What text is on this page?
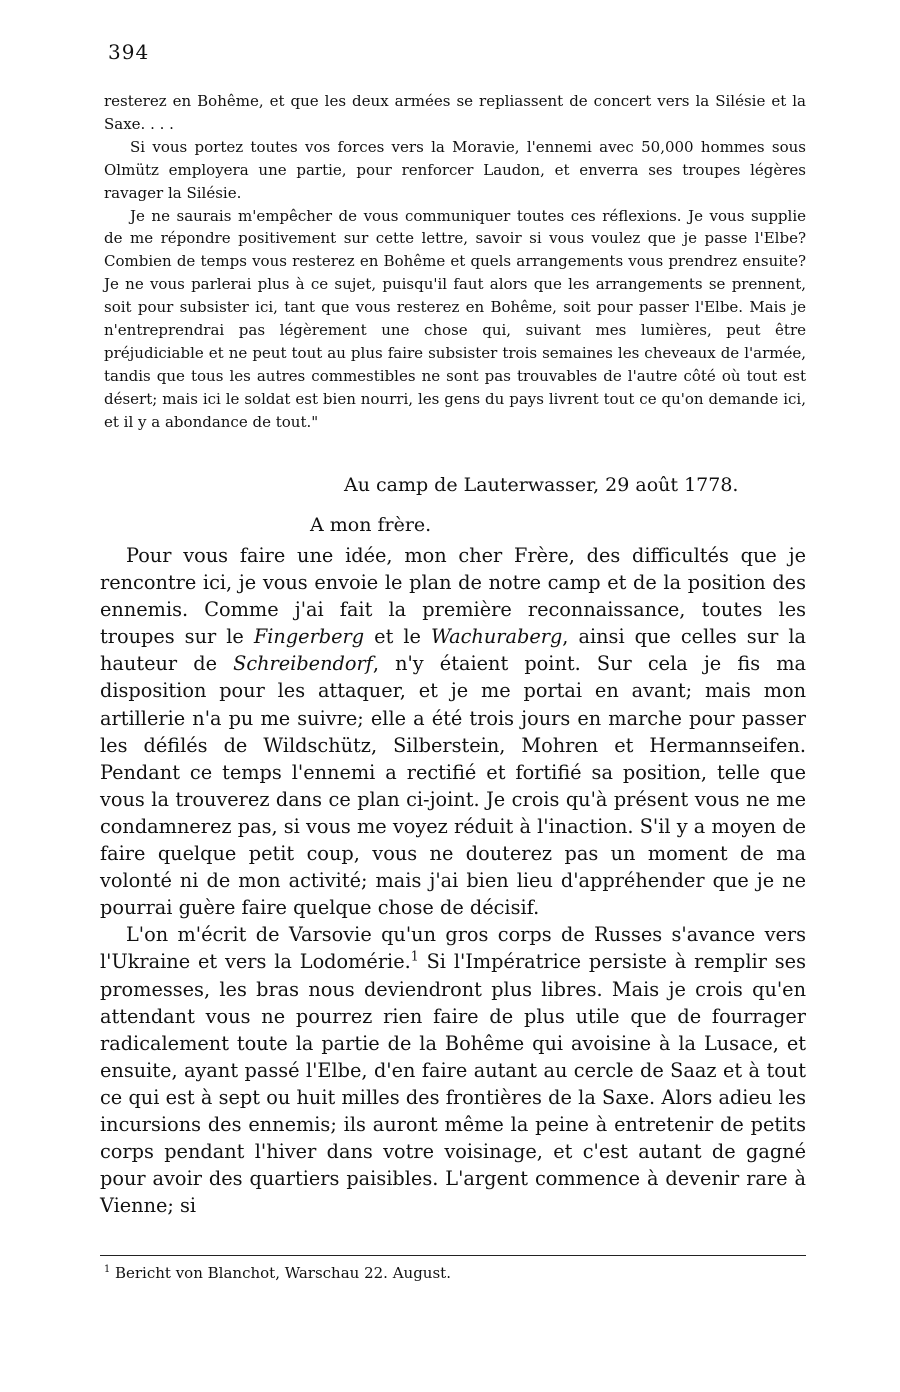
394

resterez en Bohême, et que les deux armées se repliassent de concert vers la Silésie et la Saxe. . . .

Si vous portez toutes vos forces vers la Moravie, l'ennemi avec 50,000 hommes sous Olmütz employera une partie, pour renforcer Laudon, et enverra ses troupes légères ravager la Silésie.

Je ne saurais m'empêcher de vous communiquer toutes ces réflexions. Je vous supplie de me répondre positivement sur cette lettre, savoir si vous voulez que je passe l'Elbe? Combien de temps vous resterez en Bohême et quels arrangements vous prendrez ensuite? Je ne vous parlerai plus à ce sujet, puisqu'il faut alors que les arrangements se prennent, soit pour subsister ici, tant que vous resterez en Bohême, soit pour passer l'Elbe. Mais je n'entreprendrai pas légèrement une chose qui, suivant mes lumières, peut être préjudiciable et ne peut tout au plus faire subsister trois semaines les cheveaux de l'armée, tandis que tous les autres commestibles ne sont pas trouvables de l'autre côté où tout est désert; mais ici le soldat est bien nourri, les gens du pays livrent tout ce qu'on demande ici, et il y a abondance de tout."

Au camp de Lauterwasser, 29 août 1778.
A mon frère.

Pour vous faire une idée, mon cher Frère, des difficultés que je rencontre ici, je vous envoie le plan de notre camp et de la position des ennemis. Comme j'ai fait la première reconnaissance, toutes les troupes sur le Fingerberg et le Wachuraberg, ainsi que celles sur la hauteur de Schreibendorf, n'y étaient point. Sur cela je fis ma disposition pour les attaquer, et je me portai en avant; mais mon artillerie n'a pu me suivre; elle a été trois jours en marche pour passer les défilés de Wildschütz, Silberstein, Mohren et Hermannseifen. Pendant ce temps l'ennemi a rectifié et fortifié sa position, telle que vous la trouverez dans ce plan ci-joint. Je crois qu'à présent vous ne me condamnerez pas, si vous me voyez réduit à l'inaction. S'il y a moyen de faire quelque petit coup, vous ne douterez pas un moment de ma volonté ni de mon activité; mais j'ai bien lieu d'appréhender que je ne pourrai guère faire quelque chose de décisif.

L'on m'écrit de Varsovie qu'un gros corps de Russes s'avance vers l'Ukraine et vers la Lodomérie.$^1$ Si l'Impératrice persiste à remplir ses promesses, les bras nous deviendront plus libres. Mais je crois qu'en attendant vous ne pourrez rien faire de plus utile que de fourrager radicalement toute la partie de la Bohême qui avoisine à la Lusace, et ensuite, ayant passé l'Elbe, d'en faire autant au cercle de Saaz et à tout ce qui est à sept ou huit milles des frontières de la Saxe. Alors adieu les incursions des ennemis; ils auront même la peine à entretenir de petits corps pendant l'hiver dans votre voisinage, et c'est autant de gagné pour avoir des quartiers paisibles. L'argent commence à devenir rare à Vienne; si

$^1$ Bericht von Blanchot, Warschau 22. August.
